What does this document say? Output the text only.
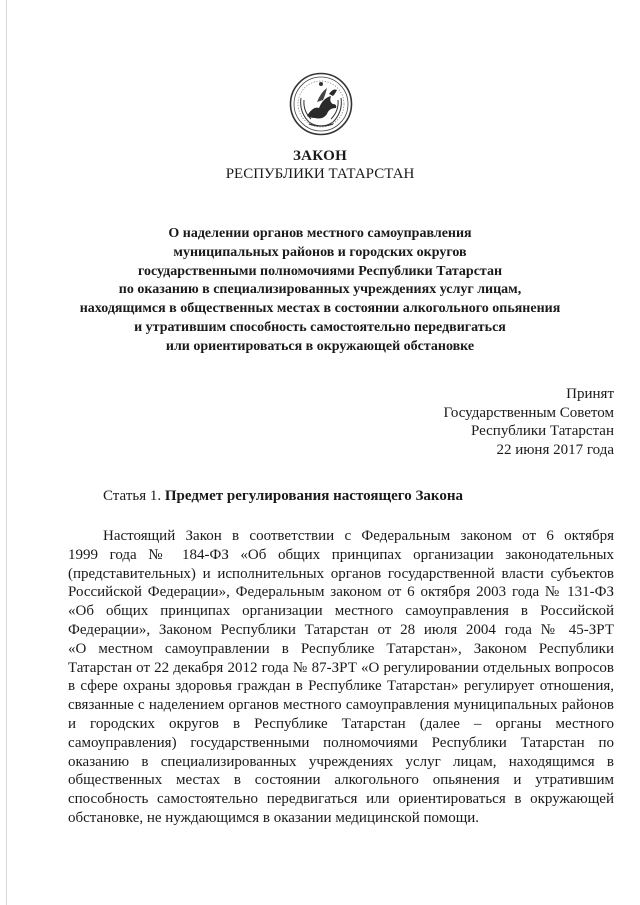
ЗАКОН
РЕСПУБЛИКИ ТАТАРСТАН
О наделении органов местного самоуправления
муниципальных районов и городских округов
государственными полномочиями Республики Татарстан
по оказанию в специализированных учреждениях услуг лицам,
находящимся в общественных местах в состоянии алкогольного опьянения
и утратившим способность самостоятельно передвигаться
или ориентироваться в окружающей обстановке
Принят
Государственным Советом
Республики Татарстан
22 июня 2017 года
Статья 1. Предмет регулирования настоящего Закона
Настоящий Закон в соответствии с Федеральным законом от 6 октября
1999 года № 184-ФЗ «Об общих принципах организации законодательных
(представительных) и исполнительных органов государственной власти субъектов
Российской Федерации», Федеральным законом от 6 октября 2003 года № 131-ФЗ
«Об общих принципах организации местного самоуправления в Российской
Федерации», Законом Республики Татарстан от 28 июля 2004 года № 45-ЗРТ
«О местном самоуправлении в Республике Татарстан», Законом Республики
Татарстан от 22 декабря 2012 года № 87-ЗРТ «О регулировании отдельных вопросов
в сфере охраны здоровья граждан в Республике Татарстан» регулирует отношения,
связанные с наделением органов местного самоуправления муниципальных районов
и городских округов в Республике Татарстан (далее – органы местного
самоуправления) государственными полномочиями Республики Татарстан по
оказанию в специализированных учреждениях услуг лицам, находящимся в
общественных местах в состоянии алкогольного опьянения и утратившим
способность самостоятельно передвигаться или ориентироваться в окружающей
обстановке, не нуждающимся в оказании медицинской помощи.
